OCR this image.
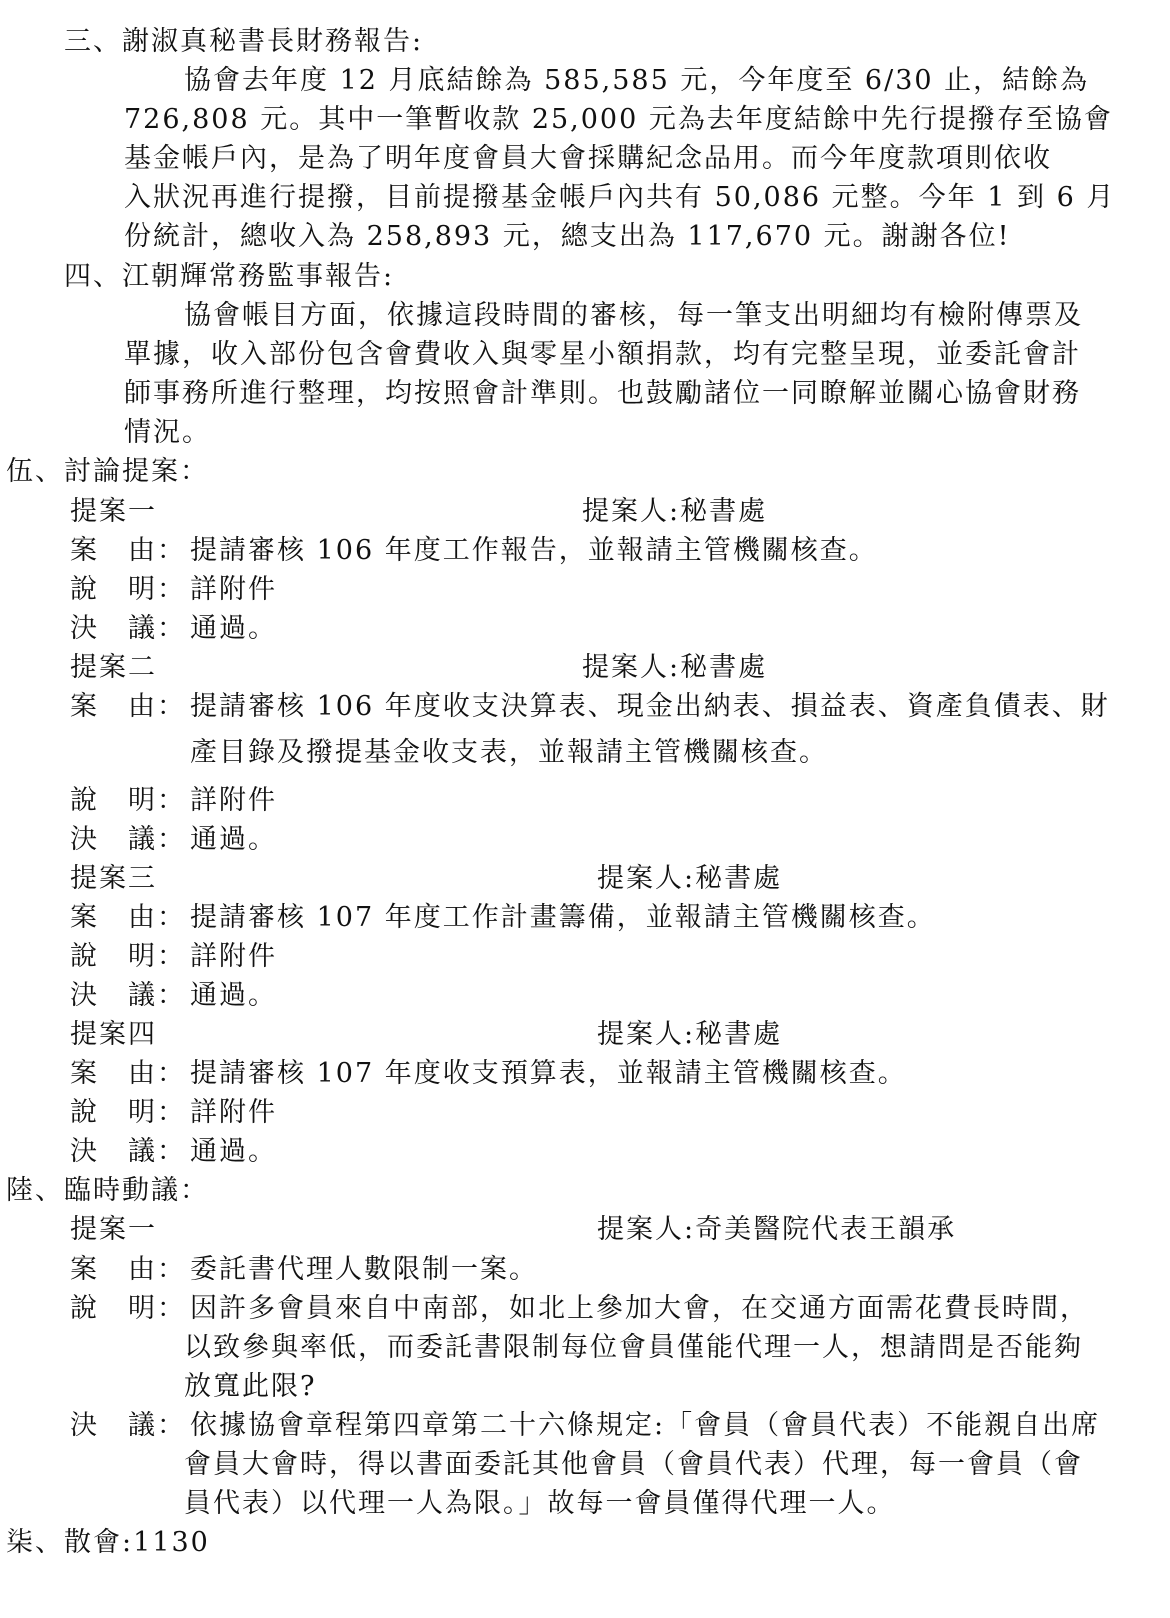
三、謝淑真秘書長財務報告:
協會去年度 12 月底結餘為 585,585 元，今年度至 6/30 止，結餘為
726,808 元。其中一筆暫收款 25,000 元為去年度結餘中先行提撥存至協會
基金帳戶內，是為了明年度會員大會採購紀念品用。而今年度款項則依收
入狀況再進行提撥，目前提撥基金帳戶內共有 50,086 元整。今年 1 到 6 月
份統計，總收入為 258,893 元，總支出為 117,670 元。謝謝各位!
四、江朝輝常務監事報告:
協會帳目方面，依據這段時間的審核，每一筆支出明細均有檢附傳票及
單據，收入部份包含會費收入與零星小額捐款，均有完整呈現，並委託會計
師事務所進行整理，均按照會計準則。也鼓勵諸位一同瞭解並關心協會財務
情況。
伍、討論提案：
提案一	提案人:秘書處
案　由： 提請審核 106 年度工作報告，並報請主管機關核查。
說　明： 詳附件
決　議： 通過。
提案二	提案人:秘書處
案　由： 提請審核 106 年度收支決算表、現金出納表、損益表、資產負債表、財
產目錄及撥提基金收支表，並報請主管機關核查。
說　明： 詳附件
決　議： 通過。
提案三	提案人:秘書處
案　由： 提請審核 107 年度工作計畫籌備，並報請主管機關核查。
說　明： 詳附件
決　議： 通過。
提案四	提案人:秘書處
案　由： 提請審核 107 年度收支預算表，並報請主管機關核查。
說　明： 詳附件
決　議： 通過。
陸、臨時動議：
提案一	提案人:奇美醫院代表王韻承
案　由： 委託書代理人數限制一案。
說　明： 因許多會員來自中南部，如北上參加大會，在交通方面需花費長時間，
以致參與率低，而委託書限制每位會員僅能代理一人，想請問是否能夠
放寬此限?
決　議： 依據協會章程第四章第二十六條規定:「會員（會員代表）不能親自出席
會員大會時，得以書面委託其他會員（會員代表）代理，每一會員（會
員代表）以代理一人為限。」故每一會員僅得代理一人。
柒、散會:1130
